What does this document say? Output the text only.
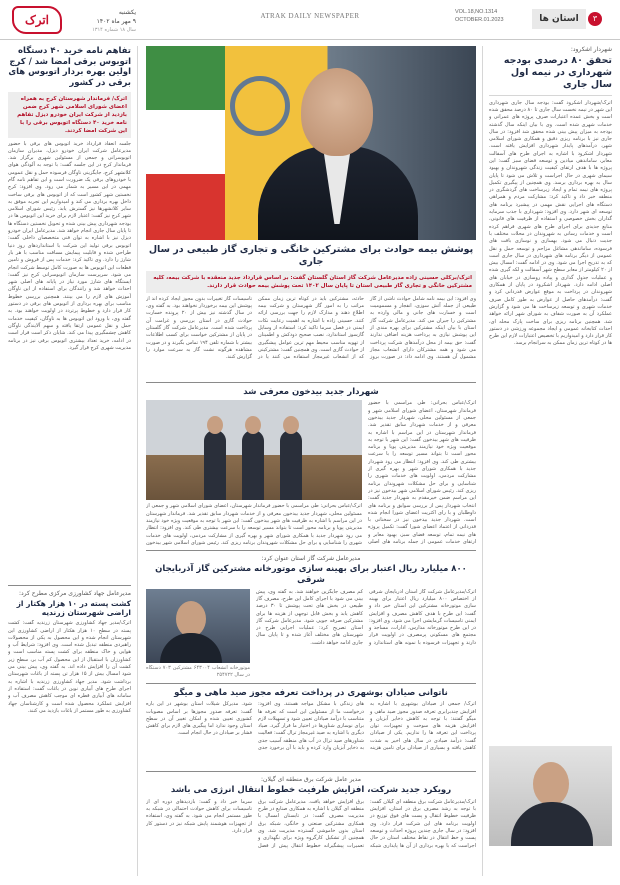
۳
استان ها
VOL.18,NO.1314
OCTOBER.01.2023
ATRAK DAILY NEWSPAPER
یکشنبه
۹ مهر ماه ۱۴۰۲
سال ۱۸ شماره ۱۳۱۴
اترک
شهردار اشکرود:
تحقق ۸۰ درصدی بودجه شهرداری در نیمه اول سال جاری
اترک/شهردار اشکرود گفت: بودجه سال جاری شهرداری این شهر در نیمه نخست سال جاری تا ۸۰ درصد محقق شده است و بخش عمده اعتبارات صرف پروژه های عمرانی و خدمات شهری شده است. وی با بیان اینکه سال گذشته بودجه به میزان پیش بینی شده محقق شد افزود: در سال جاری نیز با برنامه ریزی دقیق و همکاری شورای اسلامی شهر، درآمدهای پایدار شهرداری افزایش یافته است. شهردار اشکرود با اشاره به اجرای طرح های آسفالت معابر، ساماندهی میادین و توسعه فضای سبز گفت: این پروژه ها با هدف ارتقای کیفیت زندگی شهروندان و بهبود سیمای شهری در حال اجراست و تلاش می شود تا پایان سال به بهره برداری برسد. وی همچنین از پیگیری تکمیل پروژه های نیمه تمام و ایجاد زیرساخت های گردشگری در منطقه خبر داد و تاکید کرد: مشارکت مردم و همراهی دستگاه های اجرایی نقش مهمی در پیشبرد برنامه های توسعه ای شهر دارد. وی افزود: شهرداری با جذب سرمایه گذاران بخش خصوصی و استفاده از ظرفیت های قانونی، منابع جدیدی برای اجرای طرح های شهری فراهم کرده است و خدمات رسانی به شهروندان در محلات مختلف با جدیت دنبال می شود. بهسازی و نوسازی بافت های فرسوده، ساماندهی مشاغل مزاحم و توسعه حمل و نقل عمومی از دیگر برنامه های شهرداری در سال جاری است که به تدریج اجرا می شود. وی در ادامه گفت: امسال بیش از ۲۰ کیلومتر از معابر سطح شهر آسفالت و لکه گیری شده و عملیات جدول گذاری و پیاده روسازی در خیابان های اصلی ادامه دارد. شهردار اشکرود در پایان از همکاری شهروندان در پرداخت به موقع عوارض قدردانی کرد و گفت: درآمدهای حاصل از عوارض به طور کامل صرف خدمات شهری و توسعه زیرساخت ها می شود و گزارش عملکرد آن به صورت شفاف به شورای شهر ارائه خواهد شد. همچنین برنامه ریزی برای ساخت پارک محله ای، احداث کتابخانه عمومی و ایجاد مجموعه ورزشی در دستور کار قرار دارد و امیدواریم با تخصیص اعتبارات لازم این طرح ها در کوتاه ترین زمان ممکن به سرانجام برسد.
پوشش بیمه حوادث برای مشترکین خانگی و تجاری گاز طبیعی در سال جاری
اترک/برکلی حسینی زاده مدیرعامل شرکت گاز استان گلستان گفت: بر اساس قرارداد جدید منعقده با شرکت بیمه، کلیه مشترکین خانگی و تجاری گاز طبیعی استان تا پایان سال ۱۴۰۲ تحت پوشش بیمه حوادث قرار دارند.
وی افزود: این بیمه نامه شامل حوادث ناشی از گاز طبیعی از جمله آتش سوزی، انفجار و مسمومیت است و خسارت های جانی و مالی وارده به مشترکین را جبران می کند. مدیرعامل شرکت گاز استان با بیان اینکه مشترکین برای بهره مندی از این پوشش نیازی به پرداخت هزینه اضافی ندارند گفت: حق بیمه از محل درآمدهای شرکت پرداخت می شود و همه مشترکان دارای انشعاب مجاز مشمول آن هستند. وی ادامه داد: در صورت بروز حادثه، مشترکین باید در کوتاه ترین زمان ممکن مراتب را به امور گاز شهرستان و شرکت بیمه اطلاع دهند و مدارک لازم را جهت بررسی ارائه کنند. حسینی زاده با اشاره به اهمیت رعایت نکات ایمنی در فصل سرما تاکید کرد: استفاده از وسایل گازسوز استاندارد، نصب صحیح دودکش و اطمینان از تهویه مناسب محیط مهم ترین عوامل پیشگیری از حوادث گازی است. وی همچنین گفت: مشترکینی که از انشعاب غیرمجاز استفاده می کنند یا در تاسیسات گاز تغییرات بدون مجوز ایجاد کرده اند از پوشش این بیمه برخوردار نخواهند بود. به گفته وی، در سال گذشته نیز بیش از ۲۰ پرونده خسارت حوادث گازی در استان بررسی و غرامت آن پرداخت شده است. مدیرعامل شرکت گاز گلستان در پایان از مشترکین خواست برای کسب اطلاعات بیشتر با شماره تلفن ۱۹۴ تماس بگیرند و در صورت مشاهده هرگونه نشت گاز به سرعت موارد را گزارش کنند.
شهردار جدید بیدخون معرفی شد
اترک/عباس بحرانی: طی مراسمی با حضور فرماندار شهرستان، اعضای شورای اسلامی شهر و جمعی از مسئولین محلی، شهردار جدید بیدخون معرفی و از خدمات شهردار سابق تقدیر شد. فرماندار شهرستان در این مراسم با اشاره به ظرفیت های شهر بیدخون گفت: این شهر با توجه به موقعیت ویژه خود نیازمند مدیریتی پویا و برنامه محور است تا بتواند مسیر توسعه را با سرعت بیشتری طی کند. وی افزود: انتظار می رود شهردار جدید با همکاری شورای شهر و بهره گیری از مشارکت مردمی، اولویت های خدمات شهری را شناسایی و برای حل مشکلات شهروندان برنامه ریزی کند. رئیس شورای اسلامی شهر بیدخون نیز در این مراسم ضمن خیرمقدم به شهردار جدید گفت: انتخاب شهردار پس از بررسی سوابق و برنامه های داوطلبان و با رای اکثریت اعضای شورا انجام شده است. شهردار جدید بیدخون نیز در سخنانی با قدردانی از اعتماد اعضای شورا گفت: تکمیل پروژه های نیمه تمام، توسعه فضای سبز، بهبود معابر و ارتقای خدمات عمومی از جمله برنامه های اصلی
اترک/عباس بحرانی: طی مراسمی با حضور فرماندار شهرستان، اعضای شورای اسلامی شهر و جمعی از مسئولین محلی، شهردار جدید بیدخون معرفی و از خدمات شهردار سابق تقدیر شد. فرماندار شهرستان در این مراسم با اشاره به ظرفیت های شهر بیدخون گفت: این شهر با توجه به موقعیت ویژه خود نیازمند مدیریتی پویا و برنامه محور است تا بتواند مسیر توسعه را با سرعت بیشتری طی کند. وی افزود: انتظار می رود شهردار جدید با همکاری شورای شهر و بهره گیری از مشارکت مردمی، اولویت های خدمات شهری را شناسایی و برای حل مشکلات شهروندان برنامه ریزی کند. رئیس شورای اسلامی شهر بیدخون
مدیرعامل شرکت گاز استان عنوان کرد:
۸۰۰ میلیارد ریال اعتبار برای بهینه سازی موتورخانه مشترکین گاز آذربایجان شرقی
اترک/مدیرعامل شرکت گاز استان آذربایجان شرقی از اختصاص ۸۰۰ میلیارد ریال اعتبار برای بهینه سازی موتورخانه مشترکین این استان خبر داد و گفت: این طرح با هدف کاهش مصرف و افزایش ایمنی تاسیسات گرمایشی اجرا می شود. وی افزود: در این طرح موتورخانه مدارس، ادارات، مساجد و مجتمع های مسکونی پرمصرف در اولویت قرار دارند و تجهیزات فرسوده با نمونه های استاندارد و کم مصرف جایگزین خواهند شد. به گفته وی، پیش بینی می شود با اجرای کامل این طرح، مصرف گاز طبیعی در بخش های تحت پوشش تا ۳۰ درصد کاهش یابد و بخش قابل توجهی از هزینه ها برای مشترکین صرفه جویی شود. مدیرعامل شرکت گاز استان تصریح کرد: عملیات اجرایی طرح در شهرستان های مختلف آغاز شده و تا پایان سال جاری ادامه خواهد داشت.
موتورخانه انشعاب ۶۴۳۰۰۴ مشترکین ۷۰۳ دستگاه در سال ۲۵۴۷۲۲
ناتوانی صیادان بوشهری در پرداخت تعرفه مجوز صید ماهی و میگو
اترک/ جمعی از صیادان بوشهری با اشاره به افزایش چندبرابری تعرفه صدور مجوز صید ماهی و میگو گفتند: با توجه به کاهش ذخایر آبزیان و افزایش هزینه های سوخت و تجهیزات، توان پرداخت این تعرفه ها را نداریم. یکی از صیادان گفت: درآمد صیادی در سال های اخیر به شدت کاهش یافته و بسیاری از صیادان برای تامین هزینه های زندگی با مشکل مواجه هستند. وی افزود: درخواست ما از مسئولین این است که تعرفه ها متناسب با درآمد صیادان تعیین شود و تسهیلات لازم برای نوسازی شناورها در اختیار ما قرار گیرد. صیاد دیگری با اشاره به صید غیرمجاز ترال گفت: فعالیت شناورهای صید ترال در آب های منطقه آسیب جدی به ذخایر آبزیان وارد کرده و باید با آن برخورد جدی شود. مدیرکل شیلات استان بوشهر در این باره گفت: تعرفه صدور مجوزها بر اساس مصوبات کشوری تعیین شده و امکان تغییر آن در سطح استان وجود ندارد اما پیگیری های لازم برای کاهش فشار بر صیادان در حال انجام است.
مدیر عامل شرکت برق منطقه ای گیلان:
رویکرد جدید شرکت، افزایش ظرفیت خطوط انتقال انرژی می باشد
اترک/مدیرعامل شرکت برق منطقه ای گیلان گفت: با توجه به رشد مصرف برق در استان، افزایش ظرفیت خطوط انتقال و پست های فوق توزیع در اولویت برنامه های این شرکت قرار دارد. وی افزود: در سال جاری چندین پروژه احداث و توسعه پست و خط انتقال در نقاط مختلف استان در حال اجراست که با بهره برداری از آن ها پایداری شبکه برق افزایش خواهد یافت. مدیرعامل شرکت برق منطقه ای گیلان با اشاره به همکاری صنایع در طرح مدیریت مصرف گفت: در تابستان امسال با همکاری مشترکین صنعتی و خانگی، شبکه برق استان بدون خاموشی گسترده مدیریت شد. وی همچنین از تشکیل کارگروه ویژه برای نگهداری و تعمیرات پیشگیرانه خطوط انتقال پیش از فصل سرما خبر داد و گفت: بازدیدهای دوره ای از تاسیسات برای کاهش حوادث احتمالی در شبکه به طور مستمر انجام می شود. به گفته وی، استفاده از تجهیزات هوشمند پایش شبکه نیز در دستور کار قرار دارد.
تفاهم نامه خرید ۴۰ دستگاه اتوبوس برقی امضا شد / کرج اولین بهره بردار اتوبوس های برقی در کشور
اترک/ فرماندار شهرستان کرج به همراه اعضای شورای اسلامی شهر کرج ضمن بازدید از شرکت ایران خودرو دیزل تفاهم نامه خرید ۴۰ دستگاه اتوبوس برقی را با این شرکت امضا کردند.
جلسه انعقاد قرارداد خرید اتوبوس های برقی با حضور مدیرعامل شرکت ایران خودرو دیزل، مدیران سازمان اتوبوسرانی و جمعی از مسئولین شهری برگزار شد. فرماندار کرج در این جلسه گفت: با توجه به آلودگی هوای کلانشهر کرج، جایگزینی ناوگان فرسوده حمل و نقل عمومی با خودروهای برقی یک ضرورت است و این تفاهم نامه گام مهمی در این مسیر به شمار می رود. وی افزود: کرج نخستین شهر کشور است که از اتوبوس های برقی ساخت داخل بهره برداری می کند و امیدواریم این تجربه موفق به سایر کلانشهرها نیز گسترش یابد. رئیس شورای اسلامی شهر کرج نیز گفت: اعتبار لازم برای خرید این اتوبوس ها در بودجه شهرداری پیش بینی شده و تحویل نخستین دستگاه ها تا پایان سال جاری انجام خواهد شد. مدیرعامل ایران خودرو دیزل نیز با اشاره به توان فنی متخصصان داخلی گفت: اتوبوس برقی تولید این شرکت با استانداردهای روز دنیا طراحی شده و قابلیت پیمایش مسافت مناسب با هر بار شارژ را دارد. وی تاکید کرد: خدمات پس از فروش و تامین قطعات این اتوبوس ها به صورت کامل توسط شرکت انجام می شود. سرپرست سازمان اتوبوسرانی کرج نیز گفت: ایستگاه های شارژ مورد نیاز در پایانه های اصلی شهر احداث خواهد شد و رانندگان برای استفاده از این ناوگان آموزش های لازم را می بینند. همچنین بررسی خطوط مناسب برای بهره برداری از اتوبوس های برقی در دستور کار قرار دارد و خطوط پرتردد در اولویت خواهند بود. به گفته وی، با ورود این اتوبوس ها به ناوگان، کیفیت خدمات حمل و نقل عمومی ارتقا یافته و سهم آلایندگی ناوگان کاهش چشمگیری پیدا می کند. شایان ذکر است قرار است در ادامه، خرید تعداد بیشتری اتوبوس برقی نیز در برنامه مدیریت شهری کرج قرار گیرد.
مدیرعامل جهاد کشاورزی مرکزی مطرح کرد:
کشت پسته در ۱۰ هزار هکتار از اراضی شهرستان زرندیه
اترک/مدیر جهاد کشاورزی شهرستان زرندیه گفت: کشت پسته در سطح ۱۰ هزار هکتار از اراضی کشاورزی این شهرستان انجام شده و این محصول به یکی از محصولات راهبردی منطقه تبدیل شده است. وی افزود: شرایط آب و هوایی و خاک منطقه برای کشت پسته مناسب است و کشاورزان با استقبال از این محصول کم آب بر، سطح زیر کشت آن را افزایش داده اند. به گفته وی، پیش بینی می شود امسال بیش از ۱۵ هزار تن پسته از باغات شهرستان برداشت شود. مدیر جهاد کشاورزی زرندیه با اشاره به اجرای طرح های آبیاری نوین در باغات گفت: استفاده از سامانه های آبیاری قطره ای موجب کاهش مصرف آب و افزایش عملکرد محصول شده است و کارشناسان جهاد کشاورزی به طور مستمر از باغات بازدید می کنند.
